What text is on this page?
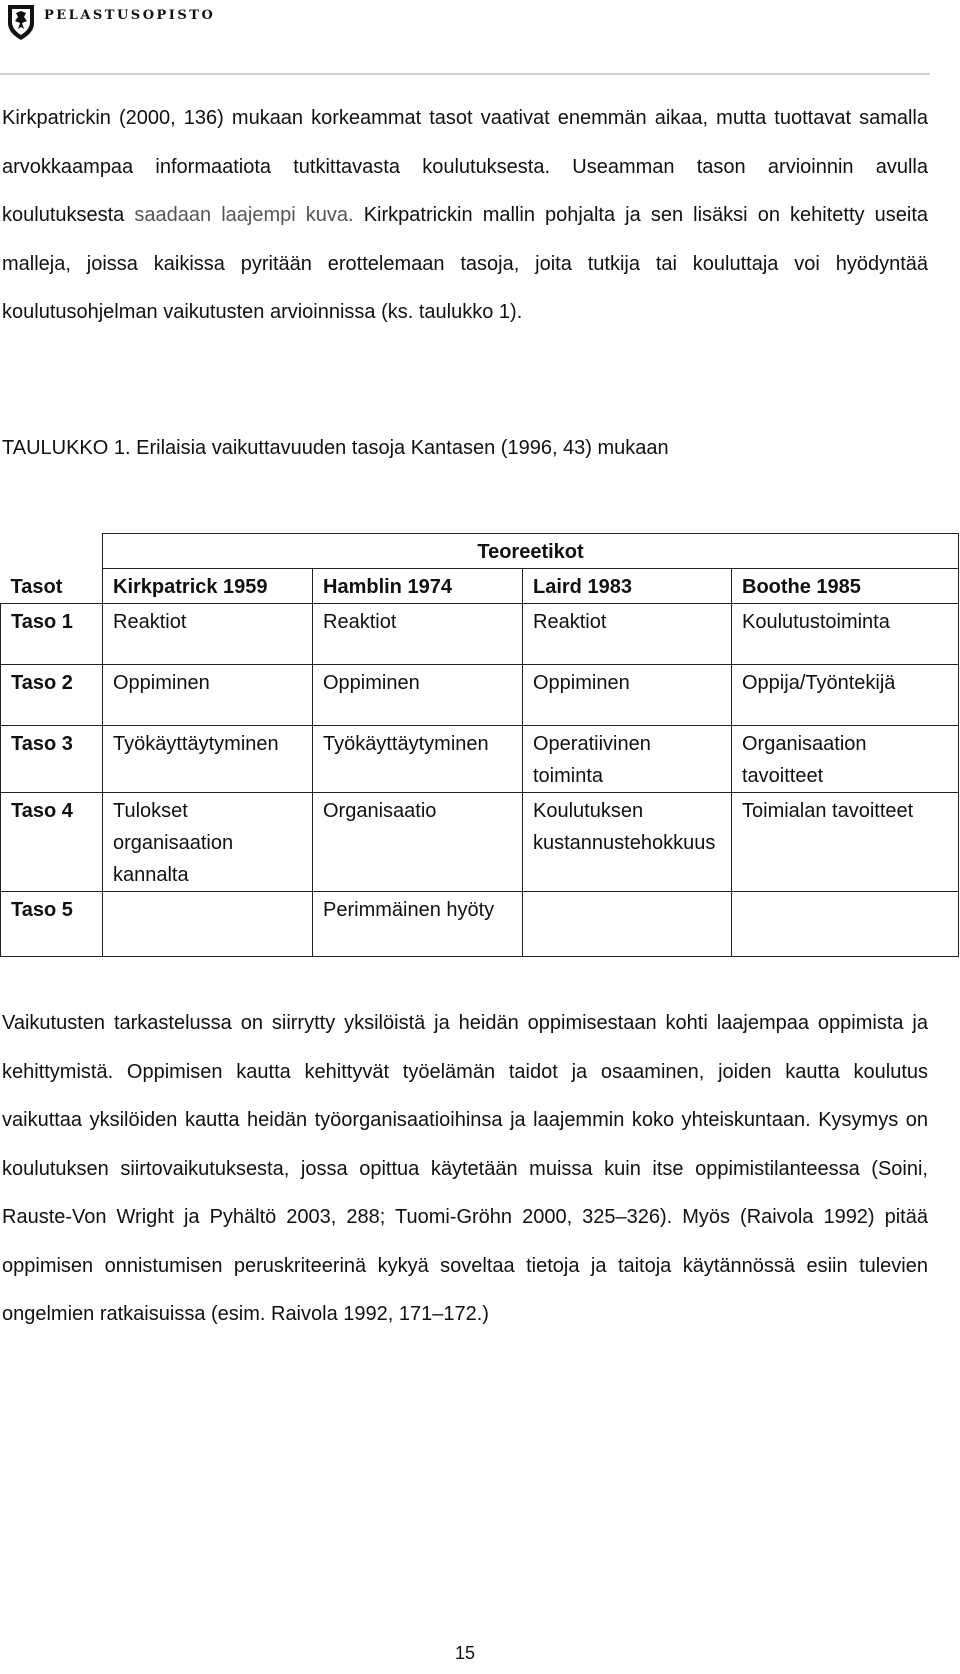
PELASTUSOPISTO

Kirkpatrickin (2000, 136) mukaan korkeammat tasot vaativat enemmän aikaa, mutta tuottavat samalla arvokkaampaa informaatiota tutkittavasta koulutuksesta. Useamman tason arvioinnin avulla koulutuksesta saadaan laajempi kuva. Kirkpatrickin mallin pohjalta ja sen lisäksi on kehitetty useita malleja, joissa kaikissa pyritään erottelemaan tasoja, joita tutkija tai kouluttaja voi hyödyntää koulutusohjelman vaikutusten arvioinnissa (ks. taulukko 1).

TAULUKKO 1. Erilaisia vaikuttavuuden tasoja Kantasen (1996, 43) mukaan

	Teoreetikot			
Tasot	Kirkpatrick 1959	Hamblin 1974	Laird 1983	Boothe 1985
Taso 1	Reaktiot	Reaktiot	Reaktiot	Koulutustoiminta
Taso 2	Oppiminen	Oppiminen	Oppiminen	Oppija/Työntekijä
Taso 3	Työkäyttäytyminen	Työkäyttäytyminen	Operatiivinen toiminta	Organisaation tavoitteet
Taso 4	Tulokset organisaation kannalta	Organisaatio	Koulutuksen kustannustehokkuus	Toimialan tavoitteet
Taso 5		Perimmäinen hyöty		

Vaikutusten tarkastelussa on siirrytty yksilöistä ja heidän oppimisestaan kohti laajempaa oppimista ja kehittymistä. Oppimisen kautta kehittyvät työelämän taidot ja osaaminen, joiden kautta koulutus vaikuttaa yksilöiden kautta heidän työorganisaatioihinsa ja laajemmin koko yhteiskuntaan. Kysymys on koulutuksen siirtovaikutuksesta, jossa opittua käytetään muissa kuin itse oppimistilanteessa (Soini, Rauste-Von Wright ja Pyhältö 2003, 288; Tuomi-Gröhn 2000, 325–326). Myös (Raivola 1992) pitää oppimisen onnistumisen peruskriteerinä kykyä soveltaa tietoja ja taitoja käytännössä esiin tulevien ongelmien ratkaisuissa (esim. Raivola 1992, 171–172.)

15
